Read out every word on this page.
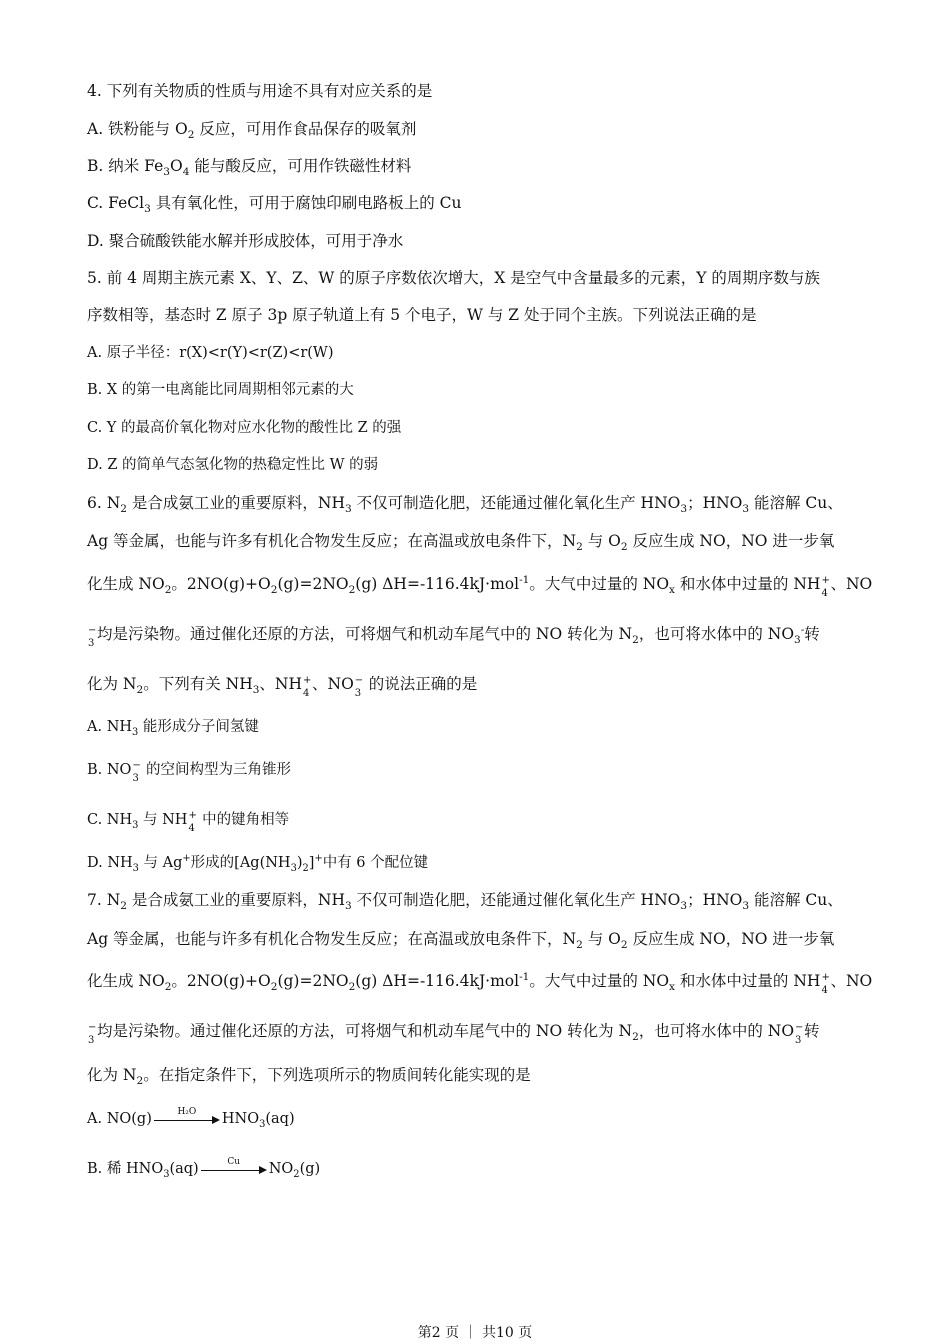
4. 下列有关物质的性质与用途不具有对应关系的是
A. 铁粉能与 $O_2$ 反应，可用作食品保存的吸氧剂
B. 纳米 $Fe_3O_4$ 能与酸反应，可用作铁磁性材料
C. FeCl$_3$ 具有氧化性，可用于腐蚀印刷电路板上的 Cu
D. 聚合硫酸铁能水解并形成胶体，可用于净水
5. 前 4 周期主族元素 X、Y、Z、W 的原子序数依次增大，X 是空气中含量最多的元素，Y 的周期序数与族
序数相等，基态时 Z 原子 3p 原子轨道上有 5 个电子，W 与 Z 处于同个主族。下列说法正确的是
A. 原子半径：r(X)<r(Y)<r(Z)<r(W)
B. X 的第一电离能比同周期相邻元素的大
C. Y 的最高价氧化物对应水化物的酸性比 Z 的强
D. Z 的简单气态氢化物的热稳定性比 W 的弱
6. $N_2$ 是合成氨工业的重要原料，$NH_3$ 不仅可制造化肥，还能通过催化氧化生产 $HNO_3$；$HNO_3$ 能溶解 Cu、
Ag 等金属，也能与许多有机化合物发生反应；在高温或放电条件下，$N_2$ 与 $O_2$ 反应生成 NO，NO 进一步氧
化生成 $NO_2$。$2NO(g)+O_2(g)=2NO_2(g)$ ΔH=-116.4kJ·mol$^{-1}$。大气中过量的 $NO_x$ 和水体中过量的 NH +
4
、NO
−
3
均是污染物。通过催化还原的方法，可将烟气和机动车尾气中的 NO 转化为 $N_2$，也可将水体中的 $NO_3^-$转
化为 $N_2$。下列有关 $NH_3$、NH +
4
、NO −
3
的说法正确的是
A. $NH_3$ 能形成分子间氢键
B. NO −
3
的空间构型为三角锥形
C. $NH_3$ 与 NH +
4
中的键角相等
D. $NH_3$ 与 Ag+形成的$[Ag(NH_3)_2]^+$中有 6 个配位键
7. $N_2$ 是合成氨工业的重要原料，$NH_3$ 不仅可制造化肥，还能通过催化氧化生产 $HNO_3$；$HNO_3$ 能溶解 Cu、
Ag 等金属，也能与许多有机化合物发生反应；在高温或放电条件下，$N_2$ 与 $O_2$ 反应生成 NO，NO 进一步氧
化生成 $NO_2$。$2NO(g)+O_2(g)=2NO_2(g)$ ΔH=-116.4kJ·mol$^{-1}$。大气中过量的 $NO_x$ 和水体中过量的 NH +
4
、NO
−
3
均是污染物。通过催化还原的方法，可将烟气和机动车尾气中的 NO 转化为 $N_2$，也可将水体中的 NO −
3
转
化为 $N_2$。在指定条件下，下列选项所示的物质间转化能实现的是
A. NO(g)	H₂O	$HNO_3(aq)$
B. 稀 $HNO_3(aq)$	Cu	$NO_2(g)$
第2 页 ｜ 共10 页
